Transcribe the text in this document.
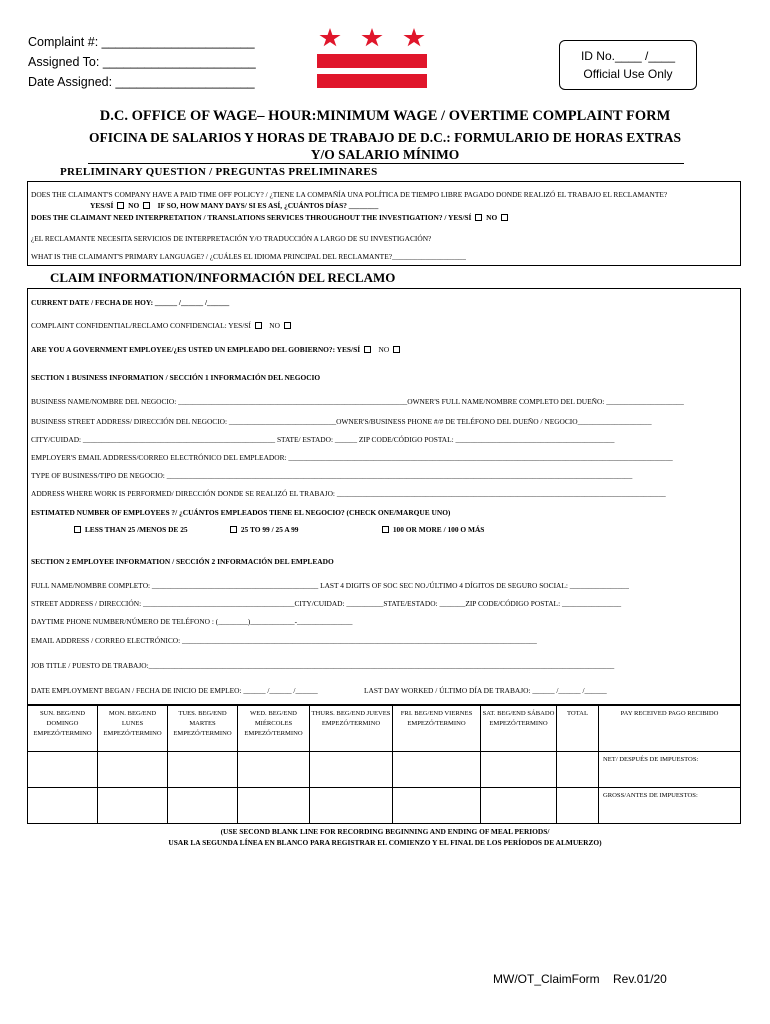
Complaint #: ______________________
Assigned To: ______________________
Date Assigned: ____________________
ID No.____ /____
Official Use Only
D.C. OFFICE OF WAGE– HOUR:MINIMUM WAGE / OVERTIME COMPLAINT FORM
OFICINA DE SALARIOS Y HORAS DE TRABAJO DE D.C.: FORMULARIO DE HORAS EXTRAS
Y/O SALARIO MÍNIMO
PRELIMINARY QUESTION / PREGUNTAS PRELIMINARES
DOES THE CLAIMANT'S COMPANY HAVE A PAID TIME OFF POLICY? / ¿TIENE LA COMPAÑÍA UNA POLÍTICA DE TIEMPO LIBRE PAGADO DONDE REALIZÓ EL TRABAJO EL RECLAMANTE?
YES/SÍ NO IF SO, HOW MANY DAYS/ SI ES ASÍ, ¿CUÁNTOS DÍAS? ________
DOES THE CLAIMANT NEED INTERPRETATION / TRANSLATIONS SERVICES THROUGHOUT THE INVESTIGATION? / YES/SÍ NO
¿EL RECLAMANTE NECESITA SERVICIOS DE INTERPRETACIÓN Y/O TRADUCCIÓN A LARGO DE SU INVESTIGACIÓN?
WHAT IS THE CLAIMANT'S PRIMARY LANGUAGE? / ¿CUÁLES EL IDIOMA PRINCIPAL DEL RECLAMANTE?____________________
CLAIM INFORMATION/INFORMACIÓN DEL RECLAMO
CURRENT DATE / FECHA DE HOY: ______ /______ /______
COMPLAINT CONFIDENTIAL/RECLAMO CONFIDENCIAL: YES/SÍ NO
ARE YOU A GOVERNMENT EMPLOYEE/¿ES USTED UN EMPLEADO DEL GOBIERNO?: YES/SÍ NO
SECTION 1 BUSINESS INFORMATION / SECCIÓN 1 INFORMACIÓN DEL NEGOCIO
BUSINESS NAME/NOMBRE DEL NEGOCIO: ______________________________________________________________OWNER'S FULL NAME/NOMBRE COMPLETO DEL DUEÑO: _____________________
BUSINESS STREET ADDRESS/ DIRECCIÓN DEL NEGOCIO: _____________________________OWNER'S/BUSINESS PHONE #/# DE TELÉFONO DEL DUEÑO / NEGOCIO____________________
CITY/CUIDAD: ____________________________________________________ STATE/ ESTADO: ______ ZIP CODE/CÓDIGO POSTAL: ___________________________________________
EMPLOYER'S EMAIL ADDRESS/CORREO ELECTRÓNICO DEL EMPLEADOR: ________________________________________________________________________________________________________
TYPE OF BUSINESS/TIPO DE NEGOCIO: ______________________________________________________________________________________________________________________________
ADDRESS WHERE WORK IS PERFORMED/ DIRECCIÓN DONDE SE REALIZÓ EL TRABAJO: _________________________________________________________________________________________
ESTIMATED NUMBER OF EMPLOYEES ?/ ¿CUÁNTOS EMPLEADOS TIENE EL NEGOCIO? (CHECK ONE/MARQUE UNO)
LESS THAN 25 /MENOS DE 25	25 TO 99 / 25 A 99	100 OR MORE / 100 O MÁS
SECTION 2 EMPLOYEE INFORMATION / SECCIÓN 2 INFORMACIÓN DEL EMPLEADO
FULL NAME/NOMBRE COMPLETO: _____________________________________________ LAST 4 DIGITS OF SOC SEC NO./ÚLTIMO 4 DÍGITOS DE SEGURO SOCIAL: ________________
STREET ADDRESS / DIRECCIÓN: _________________________________________CITY/CUIDAD: __________STATE/ESTADO: _______ZIP CODE/CÓDIGO POSTAL: ________________
DAYTIME PHONE NUMBER/NÚMERO DE TELÉFONO : (________)____________-_______________
EMAIL ADDRESS / CORREO ELECTRÓNICO: ________________________________________________________________________________________________
JOB TITLE / PUESTO DE TRABAJO:______________________________________________________________________________________________________________________________
DATE EMPLOYMENT BEGAN / FECHA DE INICIO DE EMPLEO: ______ /______ /______	LAST DAY WORKED / ÚLTIMO DÍA DE TRABAJO: ______ /______ /______
SUN. BEG/END DOMINGO EMPEZÓ/TERMINO	MON. BEG/END LUNES EMPEZÓ/TERMINO	TUES. BEG/END MARTES EMPEZÓ/TERMINO	WED. BEG/END MIÉRCOLES EMPEZÓ/TERMINO	THURS. BEG/END JUEVES EMPEZÓ/TERMINO	FRI. BEG/END VIERNES EMPEZÓ/TERMINO	SAT. BEG/END SÁBADO EMPEZÓ/TERMINO	TOTAL	PAY RECEIVED PAGO RECIBIDO
								NET/ DESPUÉS DE IMPUESTOS:
								GROSS/ANTES DE IMPUESTOS:
(USE SECOND BLANK LINE FOR RECORDING BEGINNING AND ENDING OF MEAL PERIODS/
USAR LA SEGUNDA LÍNEA EN BLANCO PARA REGISTRAR EL COMIENZO Y EL FINAL DE LOS PERÍODOS DE ALMUERZO)
MW/OT_ClaimForm Rev.01/20
